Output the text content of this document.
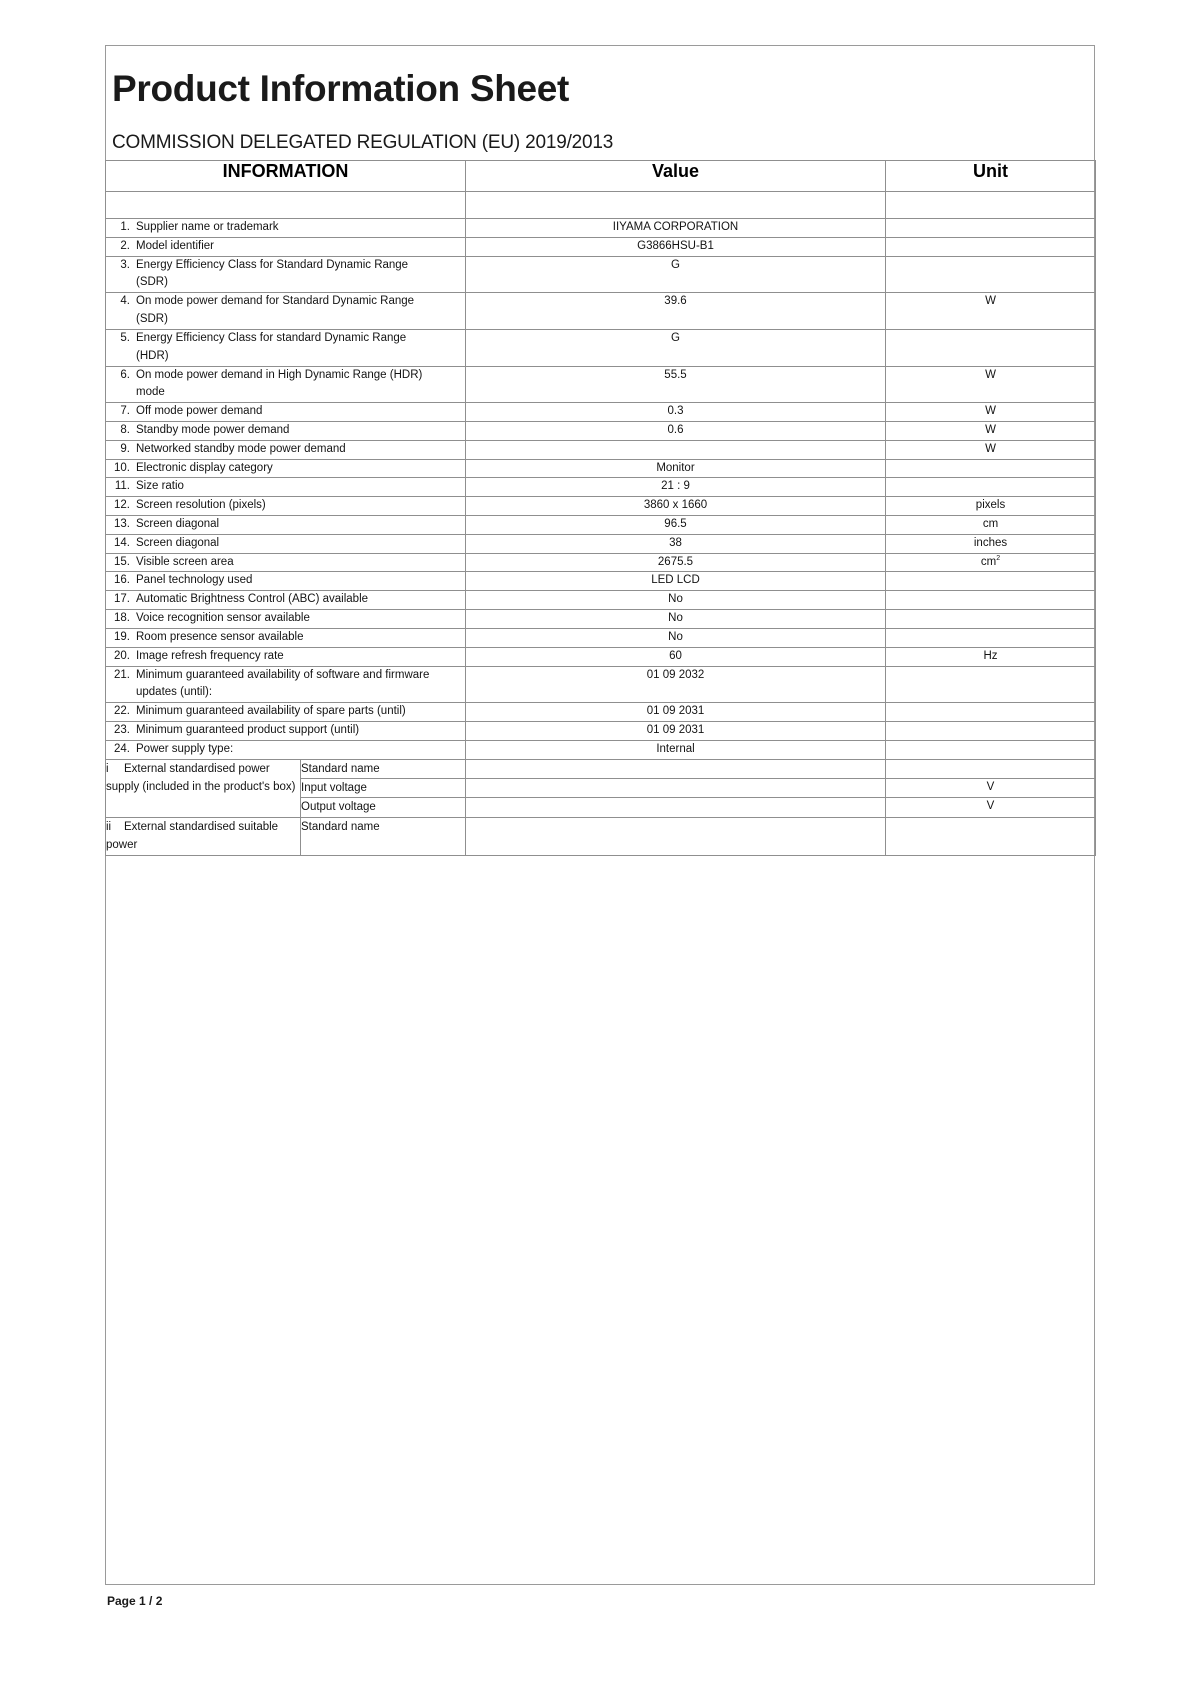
Product Information Sheet
COMMISSION DELEGATED REGULATION (EU) 2019/2013
INFORMATION		Value	Unit

1. Supplier name or trademark		IIYAMA CORPORATION	
2. Model identifier		G3866HSU-B1	
3. Energy Efficiency Class for Standard Dynamic Range (SDR)		G	
4. On mode power demand for Standard Dynamic Range (SDR)		39.6	W
5. Energy Efficiency Class for standard Dynamic Range (HDR)		G	
6. On mode power demand in High Dynamic Range (HDR) mode		55.5	W
7. Off mode power demand		0.3	W
8. Standby mode power demand		0.6	W
9. Networked standby mode power demand			W
10. Electronic display category		Monitor	
11. Size ratio		21 : 9	
12. Screen resolution (pixels)		3860 x 1660	pixels
13. Screen diagonal		96.5	cm
14. Screen diagonal		38	inches
15. Visible screen area		2675.5	$cm^2$
16. Panel technology used		LED LCD	
17. Automatic Brightness Control (ABC) available		No	
18. Voice recognition sensor available		No	
19. Room presence sensor available		No	
20. Image refresh frequency rate		60	Hz
21. Minimum guaranteed availability of software and firmware updates (until):		01 09 2032	
22. Minimum guaranteed availability of spare parts (until)		01 09 2031	
23. Minimum guaranteed product support (until)		01 09 2031	
24. Power supply type:		Internal	
i External standardised power supply (included in the product's box)	Standard name		
	Input voltage		V
	Output voltage		V
ii External standardised suitable power	Standard name		
Page 1 / 2
